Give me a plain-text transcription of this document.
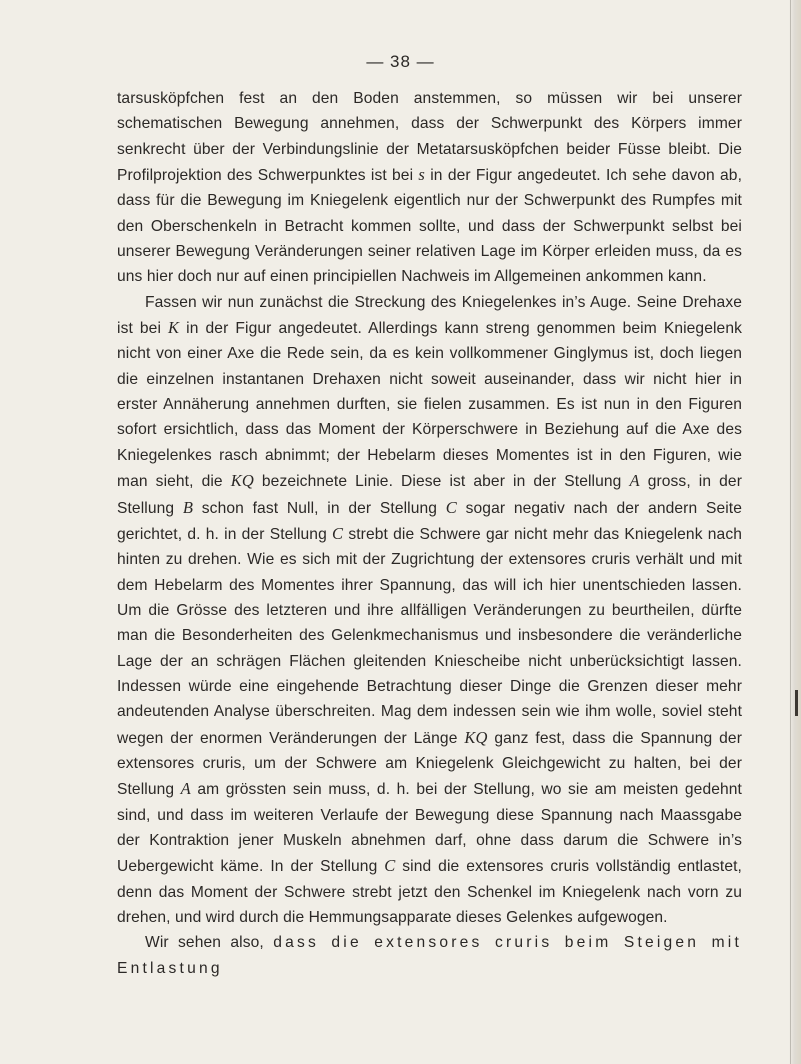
— 38 —

tarsusköpfchen fest an den Boden anstemmen, so müssen wir bei unserer schematischen Bewegung annehmen, dass der Schwerpunkt des Körpers immer senkrecht über der Verbindungslinie der Metatarsusköpfchen beider Füsse bleibt. Die Profilprojektion des Schwerpunktes ist bei s in der Figur angedeutet. Ich sehe davon ab, dass für die Bewegung im Kniegelenk eigentlich nur der Schwerpunkt des Rumpfes mit den Oberschenkeln in Betracht kommen sollte, und dass der Schwerpunkt selbst bei unserer Bewegung Veränderungen seiner relativen Lage im Körper erleiden muss, da es uns hier doch nur auf einen principiellen Nachweis im Allgemeinen ankommen kann.

Fassen wir nun zunächst die Streckung des Kniegelenkes in’s Auge. Seine Drehaxe ist bei K in der Figur angedeutet. Allerdings kann streng genommen beim Kniegelenk nicht von einer Axe die Rede sein, da es kein vollkommener Ginglymus ist, doch liegen die einzelnen instantanen Drehaxen nicht soweit auseinander, dass wir nicht hier in erster Annäherung annehmen durften, sie fielen zusammen. Es ist nun in den Figuren sofort ersichtlich, dass das Moment der Körperschwere in Beziehung auf die Axe des Kniegelenkes rasch abnimmt; der Hebelarm dieses Momentes ist in den Figuren, wie man sieht, die KQ bezeichnete Linie. Diese ist aber in der Stellung A gross, in der Stellung B schon fast Null, in der Stellung C sogar negativ nach der andern Seite gerichtet, d. h. in der Stellung C strebt die Schwere gar nicht mehr das Kniegelenk nach hinten zu drehen. Wie es sich mit der Zugrichtung der extensores cruris verhält und mit dem Hebelarm des Momentes ihrer Spannung, das will ich hier unentschieden lassen. Um die Grösse des letzteren und ihre allfälligen Veränderungen zu beurtheilen, dürfte man die Besonderheiten des Gelenkmechanismus und insbesondere die veränderliche Lage der an schrägen Flächen gleitenden Kniescheibe nicht unberücksichtigt lassen. Indessen würde eine eingehende Betrachtung dieser Dinge die Grenzen dieser mehr andeutenden Analyse überschreiten. Mag dem indessen sein wie ihm wolle, soviel steht wegen der enormen Veränderungen der Länge KQ ganz fest, dass die Spannung der extensores cruris, um der Schwere am Kniegelenk Gleichgewicht zu halten, bei der Stellung A am grössten sein muss, d. h. bei der Stellung, wo sie am meisten gedehnt sind, und dass im weiteren Verlaufe der Bewegung diese Spannung nach Maassgabe der Kontraktion jener Muskeln abnehmen darf, ohne dass darum die Schwere in’s Uebergewicht käme. In der Stellung C sind die extensores cruris vollständig entlastet, denn das Moment der Schwere strebt jetzt den Schenkel im Kniegelenk nach vorn zu drehen, und wird durch die Hemmungsapparate dieses Gelenkes aufgewogen.

Wir sehen also, dass die extensores cruris beim Steigen mit Entlastung
